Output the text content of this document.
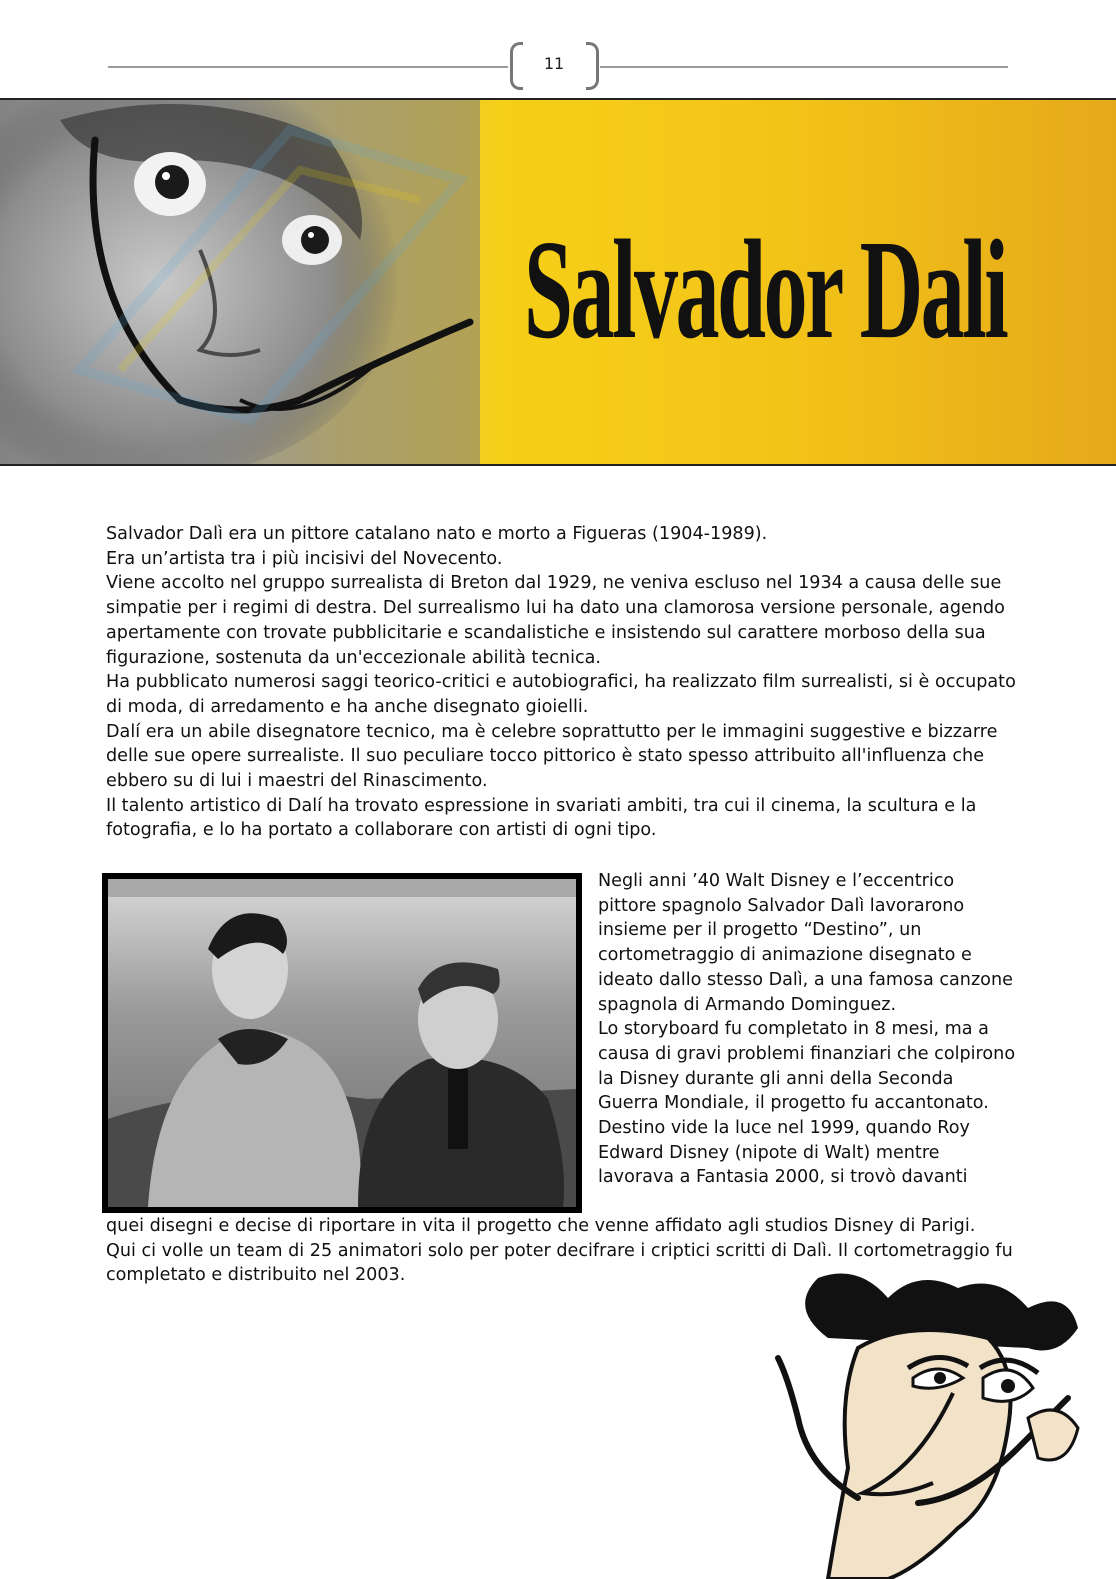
11
Salvador Dali

Salvador Dalì era un pittore catalano nato e morto a Figueras (1904-1989).

Era un’artista tra i più incisivi del Novecento.

Viene accolto nel gruppo surrealista di Breton dal 1929, ne veniva escluso nel 1934 a causa delle sue simpatie per i regimi di destra. Del surrealismo lui ha dato una clamorosa versione personale, agendo apertamente con trovate pubblicitarie e scandalistiche e insistendo sul carattere morboso della sua figurazione, sostenuta da un'eccezionale abilità tecnica.

Ha pubblicato numerosi saggi teorico-critici e autobiografici, ha realizzato film surrealisti, si è occupato di moda, di arredamento e ha anche disegnato gioielli.

Dalí era un abile disegnatore tecnico, ma è celebre soprattutto per le immagini suggestive e bizzarre delle sue opere surrealiste. Il suo peculiare tocco pittorico è stato spesso attribuito all'influenza che ebbero su di lui i maestri del Rinascimento.

Il talento artistico di Dalí ha trovato espressione in svariati ambiti, tra cui il cinema, la scultura e la fotografia, e lo ha portato a collaborare con artisti di ogni tipo.

Negli anni ’40 Walt Disney e l’eccentrico pittore spagnolo Salvador Dalì lavorarono insieme per il progetto “Destino”, un cortometraggio di animazione disegnato e ideato dallo stesso Dalì, a una famosa canzone spagnola di Armando Dominguez.

Lo storyboard fu completato in 8 mesi, ma a causa di gravi problemi finanziari che colpirono la Disney durante gli anni della Seconda Guerra Mondiale, il progetto fu accantonato.

Destino vide la luce nel 1999, quando Roy Edward Disney (nipote di Walt) mentre lavorava a Fantasia 2000, si trovò davanti

quei disegni e decise di riportare in vita il progetto che venne affidato agli studios Disney di Parigi.

Qui ci volle un team di 25 animatori solo per poter decifrare i criptici scritti di Dalì. Il cortometraggio fu completato e distribuito nel 2003.
